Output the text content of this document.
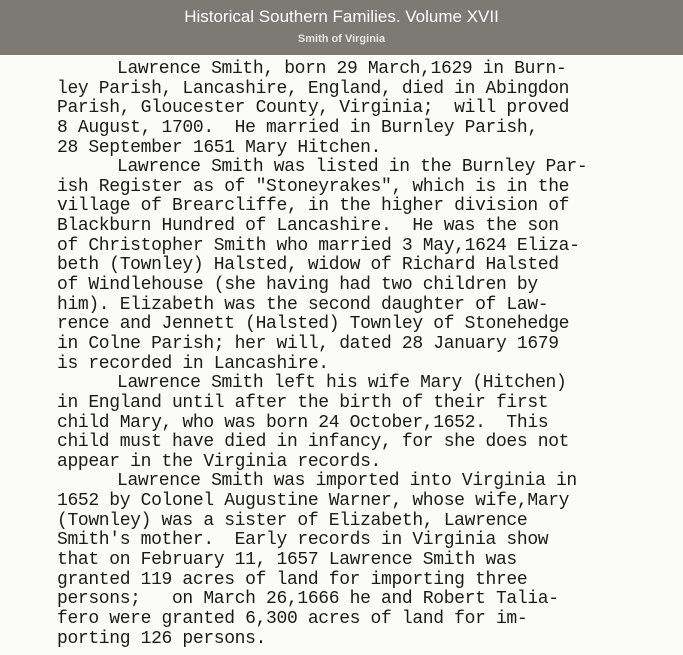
Historical Southern Families. Volume XVII
Smith of Virginia
Lawrence Smith, born 29 March,1629 in Burn-
ley Parish, Lancashire, England, died in Abingdon
Parish, Gloucester County, Virginia;  will proved
8 August, 1700.  He married in Burnley Parish,
28 September 1651 Mary Hitchen.
Lawrence Smith was listed in the Burnley Par-
ish Register as of "Stoneyrakes", which is in the
village of Brearcliffe, in the higher division of
Blackburn Hundred of Lancashire.  He was the son
of Christopher Smith who married 3 May,1624 Eliza-
beth (Townley) Halsted, widow of Richard Halsted
of Windlehouse (she having had two children by
him). Elizabeth was the second daughter of Law-
rence and Jennett (Halsted) Townley of Stonehedge
in Colne Parish; her will, dated 28 January 1679
is recorded in Lancashire.
Lawrence Smith left his wife Mary (Hitchen)
in England until after the birth of their first
child Mary, who was born 24 October,1652.  This
child must have died in infancy, for she does not
appear in the Virginia records.
Lawrence Smith was imported into Virginia in
1652 by Colonel Augustine Warner, whose wife,Mary
(Townley) was a sister of Elizabeth, Lawrence
Smith's mother.  Early records in Virginia show
that on February 11, 1657 Lawrence Smith was
granted 119 acres of land for importing three
persons;   on March 26,1666 he and Robert Talia-
fero were granted 6,300 acres of land for im-
porting 126 persons.
